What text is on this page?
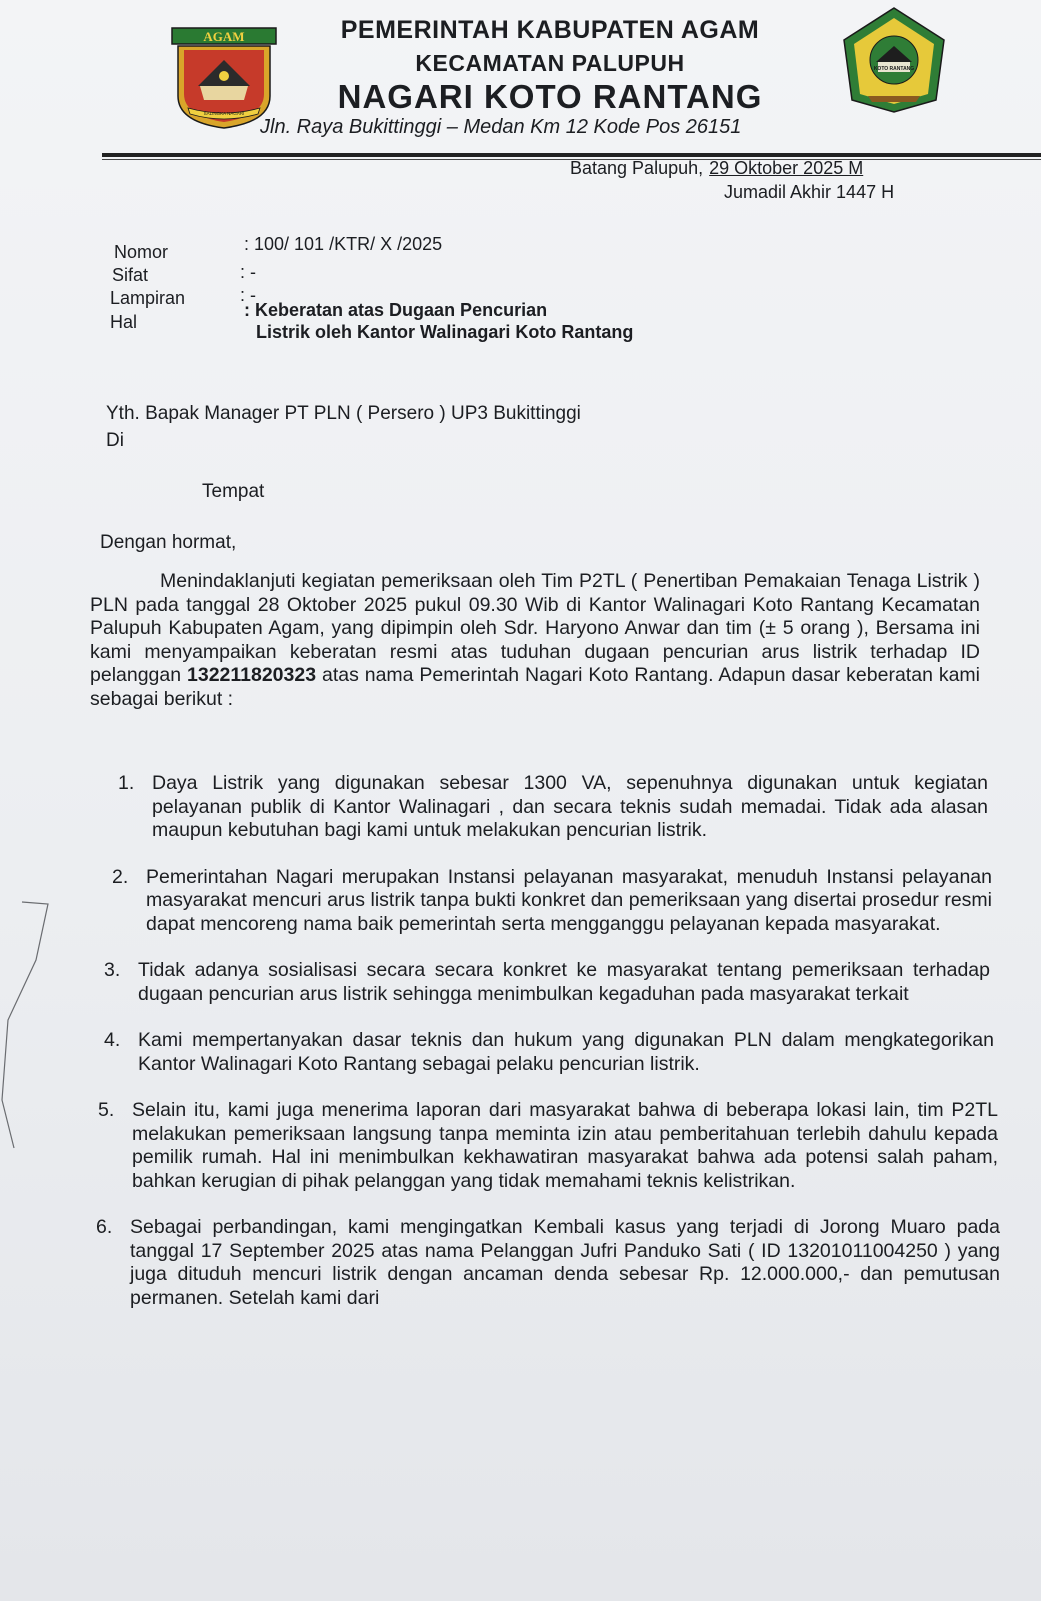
AGAM
SALINGKA NAGARI
KOTO RANTANG
PEMERINTAH KABUPATEN AGAM
KECAMATAN PALUPUH
NAGARI KOTO RANTANG
Jln. Raya Bukittinggi – Medan Km 12 Kode Pos 26151
Batang Palupuh, 29 Oktober 2025 M
Jumadil Akhir 1447 H
Nomor	: 100/ 101 /KTR/ X /2025
Sifat	: -
Lampiran	: -
Hal
: Keberatan atas Dugaan Pencurian
Listrik oleh Kantor Walinagari Koto Rantang
Yth. Bapak Manager PT PLN ( Persero ) UP3 Bukittinggi
Di
Tempat
Dengan hormat,
Menindaklanjuti kegiatan pemeriksaan oleh Tim P2TL ( Penertiban Pemakaian Tenaga Listrik ) PLN pada tanggal 28 Oktober 2025 pukul 09.30 Wib di Kantor Walinagari Koto Rantang Kecamatan Palupuh Kabupaten Agam, yang dipimpin oleh Sdr. Haryono Anwar dan tim (± 5 orang ), Bersama ini kami menyampaikan keberatan resmi atas tuduhan dugaan pencurian arus listrik terhadap ID pelanggan 132211820323 atas nama Pemerintah Nagari Koto Rantang. Adapun dasar keberatan kami sebagai berikut :
1. Daya Listrik yang digunakan sebesar 1300 VA, sepenuhnya digunakan untuk kegiatan pelayanan publik di Kantor Walinagari , dan secara teknis sudah memadai. Tidak ada alasan maupun kebutuhan bagi kami untuk melakukan pencurian listrik.
2. Pemerintahan Nagari merupakan Instansi pelayanan masyarakat, menuduh Instansi pelayanan masyarakat mencuri arus listrik tanpa bukti konkret dan pemeriksaan yang disertai prosedur resmi dapat mencoreng nama baik pemerintah serta mengganggu pelayanan kepada masyarakat.
3. Tidak adanya sosialisasi secara secara konkret ke masyarakat tentang pemeriksaan terhadap dugaan pencurian arus listrik sehingga menimbulkan kegaduhan pada masyarakat terkait
4. Kami mempertanyakan dasar teknis dan hukum yang digunakan PLN dalam mengkategorikan Kantor Walinagari Koto Rantang sebagai pelaku pencurian listrik.
5. Selain itu, kami juga menerima laporan dari masyarakat bahwa di beberapa lokasi lain, tim P2TL melakukan pemeriksaan langsung tanpa meminta izin atau pemberitahuan terlebih dahulu kepada pemilik rumah. Hal ini menimbulkan kekhawatiran masyarakat bahwa ada potensi salah paham, bahkan kerugian di pihak pelanggan yang tidak memahami teknis kelistrikan.
6. Sebagai perbandingan, kami mengingatkan Kembali kasus yang terjadi di Jorong Muaro pada tanggal 17 September 2025 atas nama Pelanggan Jufri Panduko Sati ( ID 13201011004250 ) yang juga dituduh mencuri listrik dengan ancaman denda sebesar Rp. 12.000.000,- dan pemutusan permanen. Setelah kami dari
